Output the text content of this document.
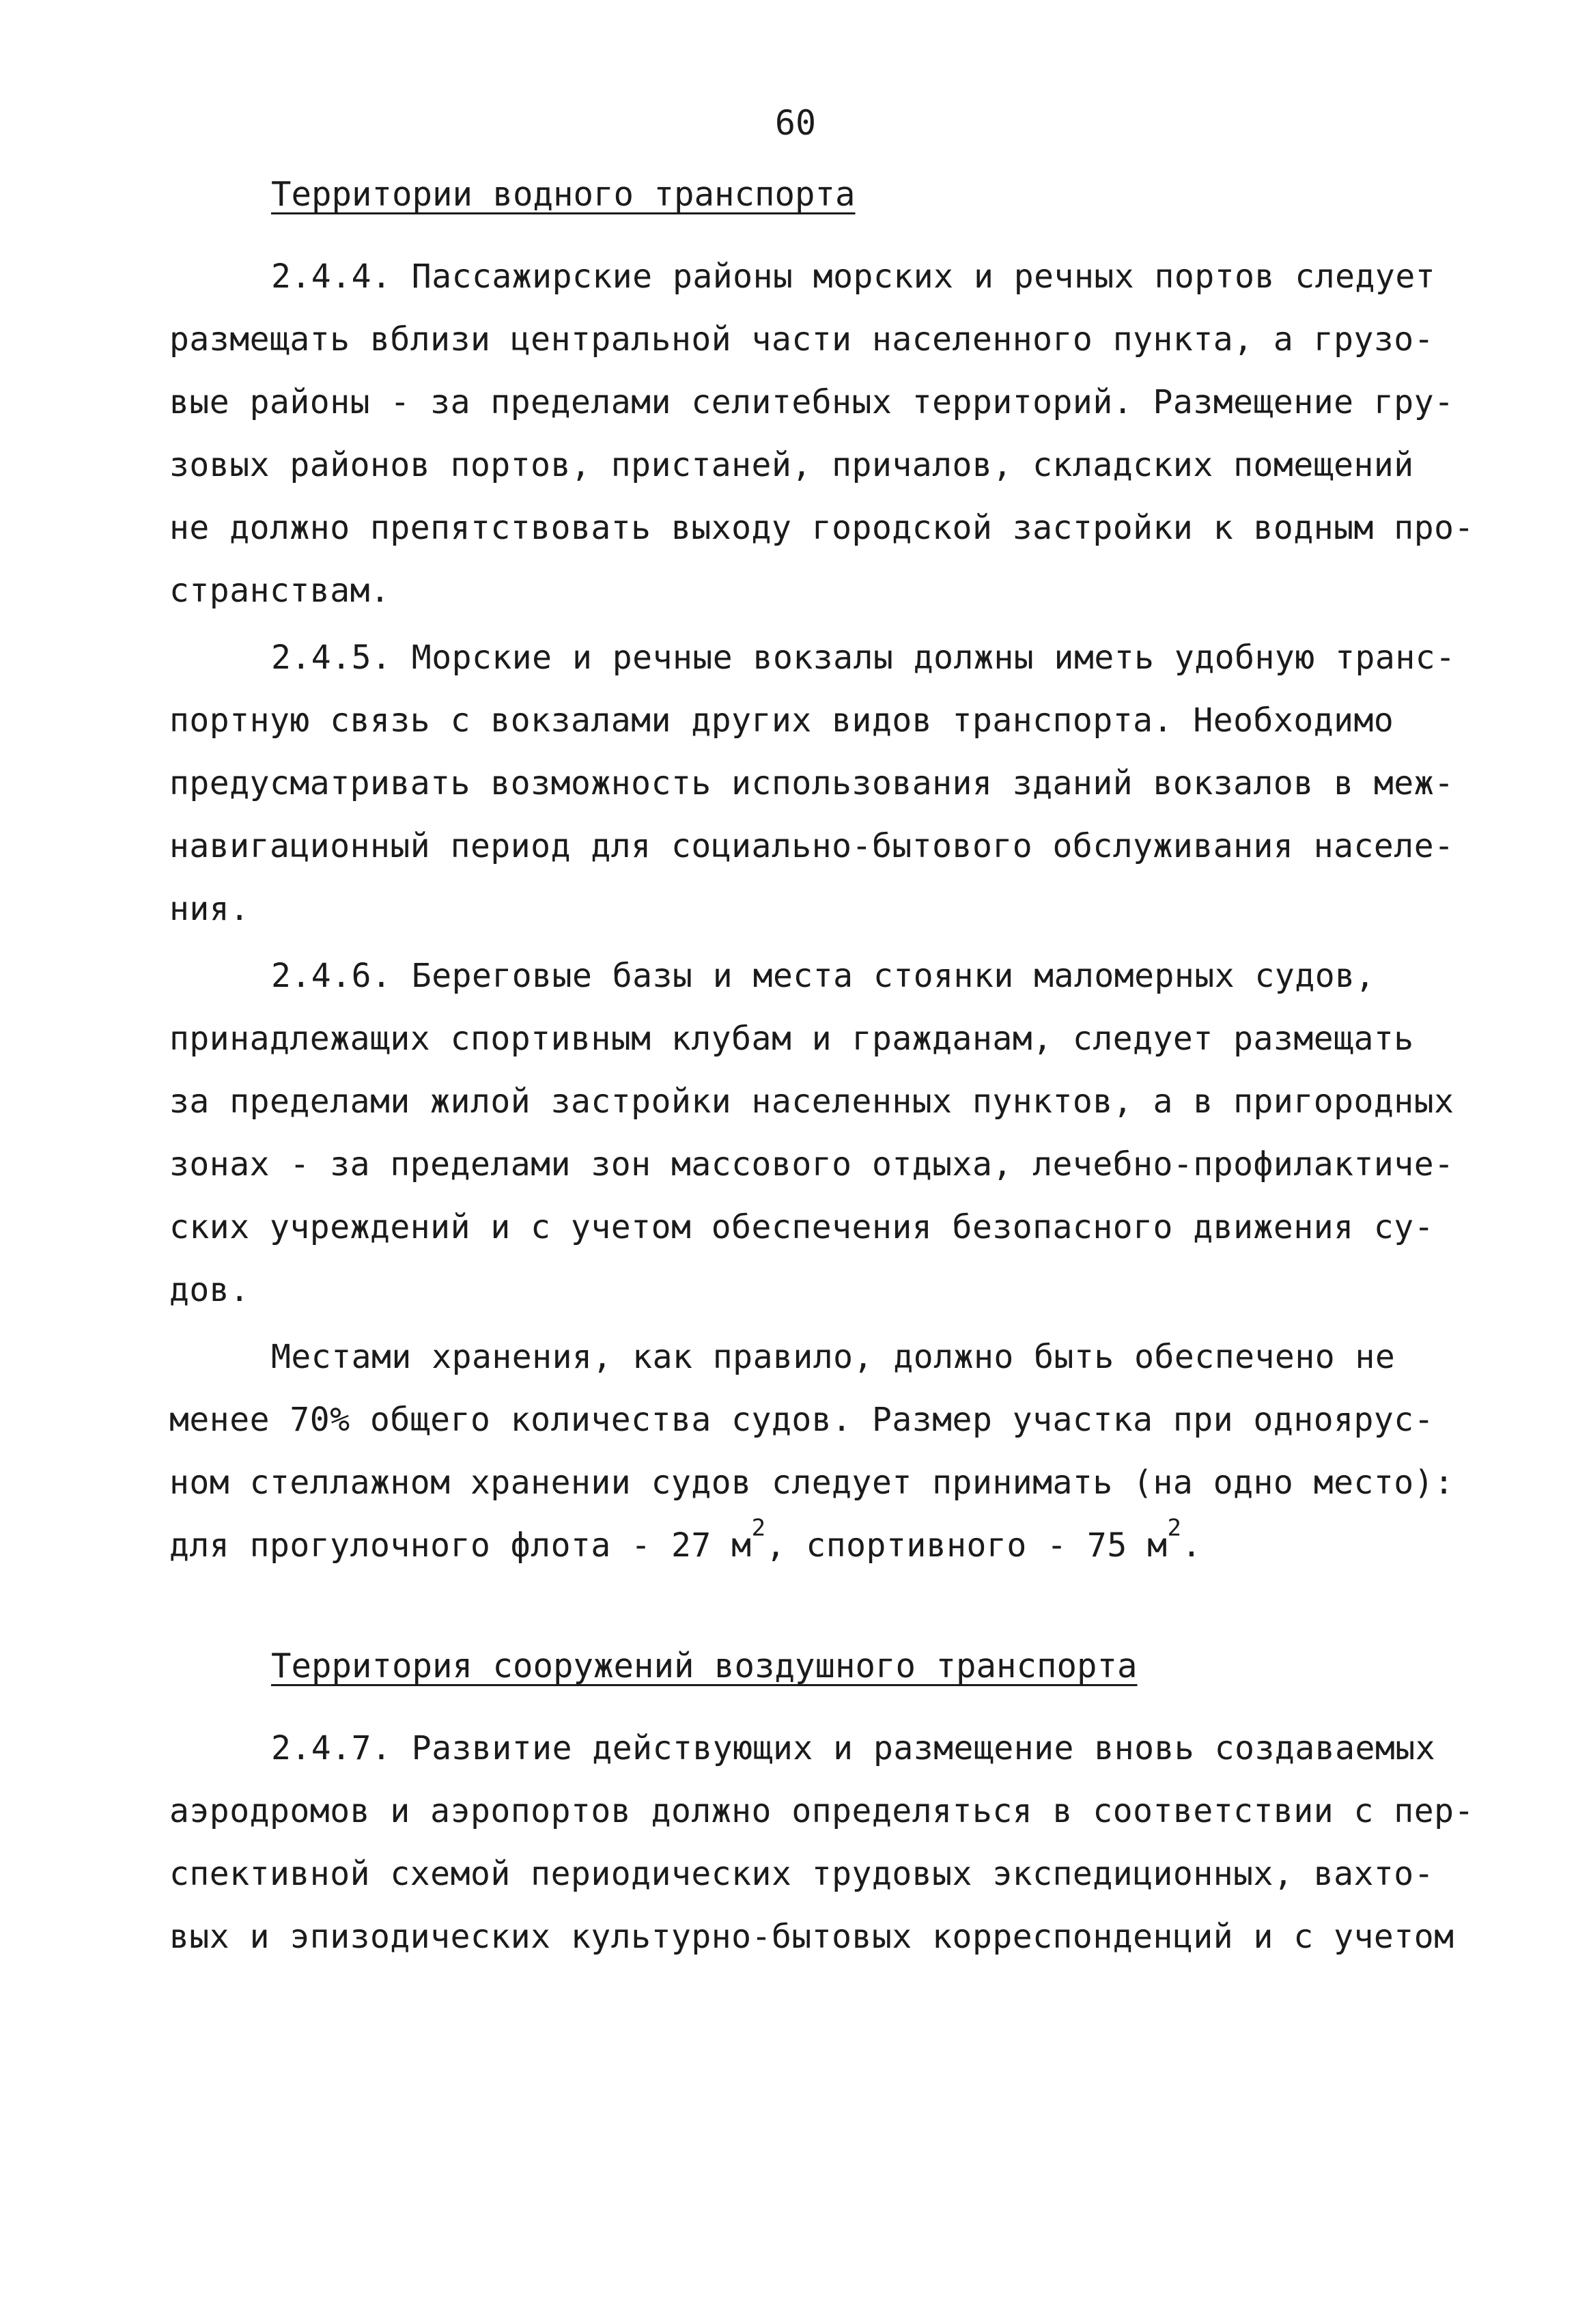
60
Территории водного транспорта
2.4.4. Пассажирские районы морских и речных портов следует
размещать вблизи центральной части населенного пункта, а грузо-
вые районы - за пределами селитебных территорий. Размещение гру-
зовых районов портов, пристаней, причалов, складских помещений
не должно препятствовать выходу городской застройки к водным про-
странствам.
2.4.5. Морские и речные вокзалы должны иметь удобную транс-
портную связь с вокзалами других видов транспорта. Необходимо
предусматривать возможность использования зданий вокзалов в меж-
навигационный период для социально-бытового обслуживания населе-
ния.
2.4.6. Береговые базы и места стоянки маломерных судов,
принадлежащих спортивным клубам и гражданам, следует размещать
за пределами жилой застройки населенных пунктов, а в пригородных
зонах - за пределами зон массового отдыха, лечебно-профилактиче-
ских учреждений и с учетом обеспечения безопасного движения су-
дов.
Местами хранения, как правило, должно быть обеспечено не
менее 70% общего количества судов. Размер участка при одноярус-
ном стеллажном хранении судов следует принимать (на одно место):
для прогулочного флота - 27 $м^2$, спортивного - 75 $м^2$.
Территория сооружений воздушного транспорта
2.4.7. Развитие действующих и размещение вновь создаваемых
аэродромов и аэропортов должно определяться в соответствии с пер-
спективной схемой периодических трудовых экспедиционных, вахто-
вых и эпизодических культурно-бытовых корреспонденций и с учетом
